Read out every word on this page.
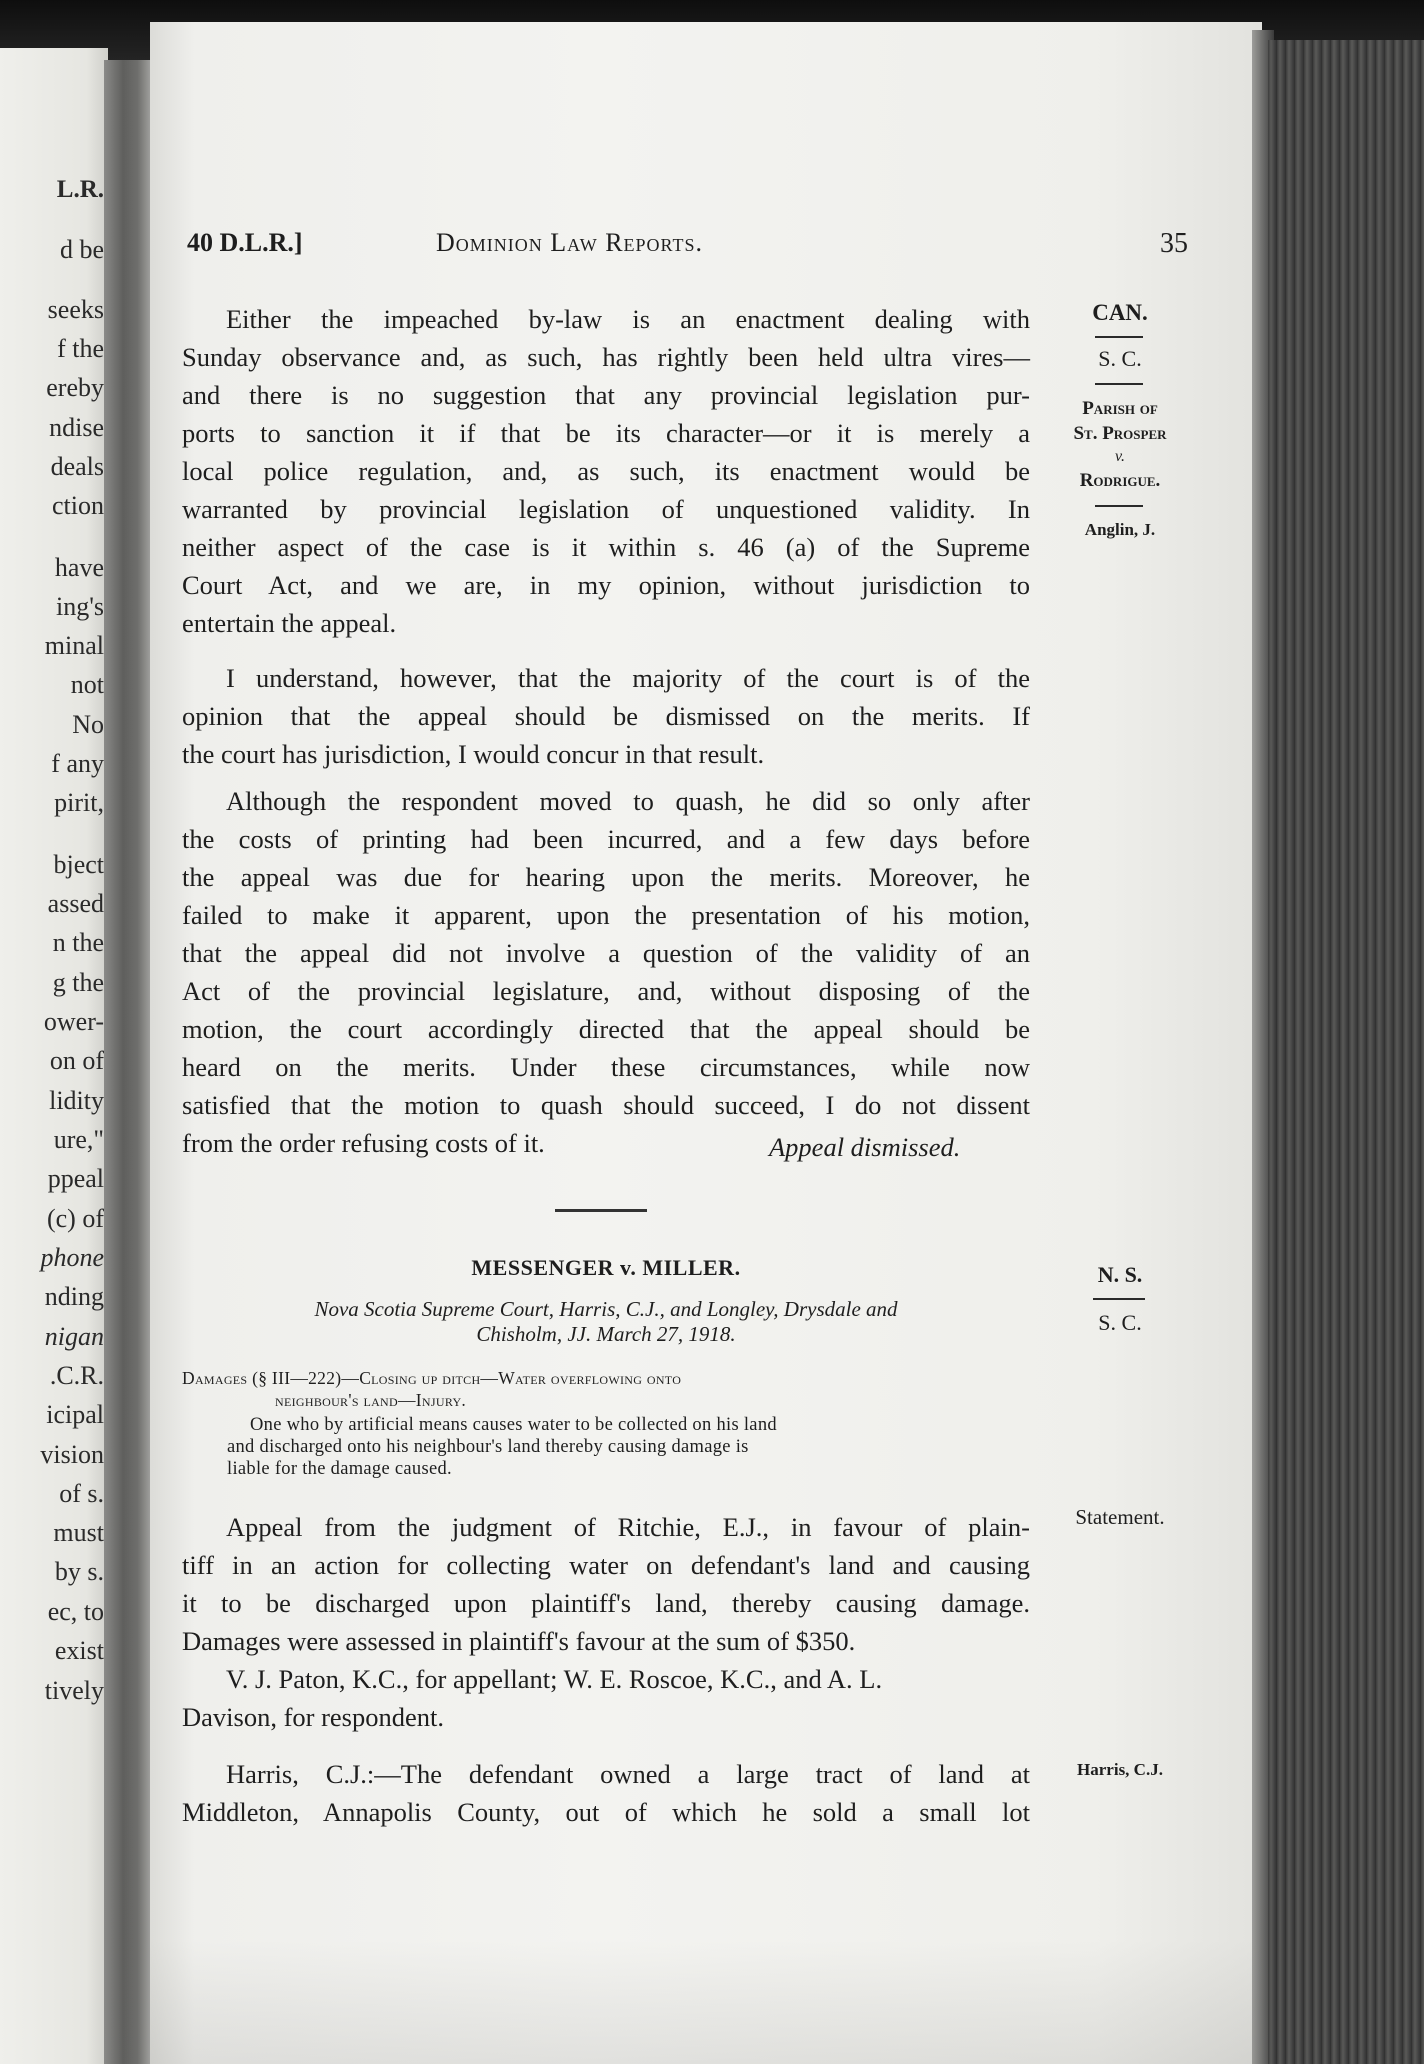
L.R.
d be
seeks
f the
ereby
ndise
deals
ction
have
ing's
minal
not
No
f any
pirit,
bject
assed
n the
g the
ower-
on of
lidity
ure,"
ppeal
(c) of
phone
nding
nigan
.C.R.
icipal
vision
of s.
must
by s.
ec, to
exist
tively
40 D.L.R.]	Dominion Law Reports.	35
CAN.
S. C.
Parish of
St. Prosper
v.
Rodrigue.
Anglin, J.
Either the impeached by-law is an enactment dealing with
Sunday observance and, as such, has rightly been held ultra vires—
and there is no suggestion that any provincial legislation pur-
ports to sanction it if that be its character—or it is merely a
local police regulation, and, as such, its enactment would be
warranted by provincial legislation of unquestioned validity. In
neither aspect of the case is it within s. 46 (a) of the Supreme
Court Act, and we are, in my opinion, without jurisdiction to
entertain the appeal.
I understand, however, that the majority of the court is of the
opinion that the appeal should be dismissed on the merits. If
the court has jurisdiction, I would concur in that result.
Although the respondent moved to quash, he did so only after
the costs of printing had been incurred, and a few days before
the appeal was due for hearing upon the merits. Moreover, he
failed to make it apparent, upon the presentation of his motion,
that the appeal did not involve a question of the validity of an
Act of the provincial legislature, and, without disposing of the
motion, the court accordingly directed that the appeal should be
heard on the merits. Under these circumstances, while now
satisfied that the motion to quash should succeed, I do not dissent
from the order refusing costs of it.	Appeal dismissed.
MESSENGER v. MILLER.
Nova Scotia Supreme Court, Harris, C.J., and Longley, Drysdale and
Chisholm, JJ. March 27, 1918.
N. S.
S. C.
Damages (§ III—222)—Closing up ditch—Water overflowing onto
neighbour's land—Injury.
One who by artificial means causes water to be collected on his land
and discharged onto his neighbour's land thereby causing damage is
liable for the damage caused.
Statement.
Appeal from the judgment of Ritchie, E.J., in favour of plain-
tiff in an action for collecting water on defendant's land and causing
it to be discharged upon plaintiff's land, thereby causing damage.
Damages were assessed in plaintiff's favour at the sum of $350.
Harris, C.J.:—The defendant owned a large tract of land at
Middleton, Annapolis County, out of which he sold a small lot
V. J. Paton, K.C., for appellant; W. E. Roscoe, K.C., and A. L.
Davison, for respondent.
Harris, C.J.
